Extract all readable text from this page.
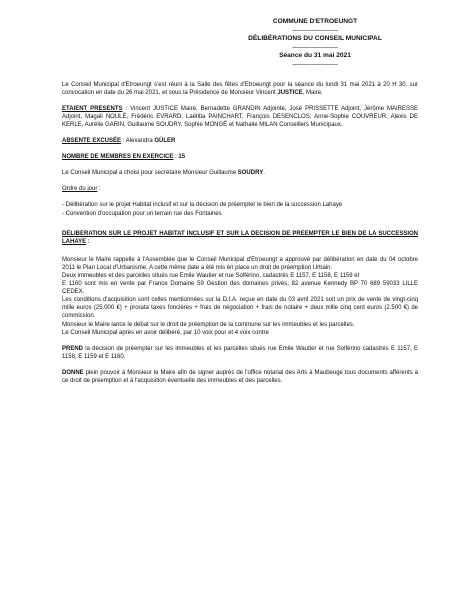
COMMUNE D'ETROEUNGT
------------------------
DÉLIBÉRATIONS DU CONSEIL MUNICIPAL
------------------------
Séance du 31 mai 2021
------------------------

Le Conseil Municipal d'Etroeungt s'est réuni à la Salle des fêtes d'Etroeungt pour la séance du lundi 31 mai 2021 à 20 H 30, sur convocation en date du 26 mai 2021, et sous la Présidence de Monsieur Vincent JUSTICE, Maire.

ETAIENT PRESENTS : Vincent JUSTICE Maire, Bernadette GRANDIN Adjointe, José PRISSETTE Adjoint, Jérôme MAIRESSE Adjoint, Magali NOULÉ, Frédéric EVRARD, Laëtitia PAINCHART, François DESENCLOS, Anne-Sophie COUVREUR, Alexis DE KERLE, Aurélie GARIN, Guillaume SOUDRY, Sophie MONGÉ et Nathalie MILAN Conseillers Municipaux.

ABSENTE EXCUSÉE : Alexandra GÜLER

NOMBRE DE MEMBRES EN EXERCICE : 15

Le Conseil Municipal a choisi pour secrétaire Monsieur Guillaume SOUDRY.

Ordre du jour :

- Délibération sur le projet Habitat inclusif et sur la décision de préempter le bien de la succession Lahaye
- Convention d'occupation pour un terrain rue des Fontaines

DELIBERATION SUR LE PROJET HABITAT INCLUSIF ET SUR LA DECISION DE PREEMPTER LE BIEN DE LA SUCCESSION LAHAYE :

Monsieur le Maire rappelle à l'Assemblée que le Conseil Municipal d'Etroeungt a approuvé par délibération en date du 04 octobre 2011 le Plan Local d'Urbanisme. A cette même date a été mis en place un droit de préemption Urbain.

Deux immeubles et des parcelles situés rue Emile Wautier et rue Solférino, cadastrés E 1157, E 1158, E 1159 et

E 1160 sont mis en vente par France Domaine 59 Gestion des domaines privés, 82 avenue Kennedy BP 70 689 59033 LILLE CEDEX.

Les conditions d'acquisition sont celles mentionnées sur la D.I.A. reçue en date du 03 avril 2021 soit un prix de vente de vingt-cinq mille euros (25.000 €) + prorata taxes foncières + frais de négociation + frais de notaire + deux mille cinq cent euros (2.500 €) de commission.

Monsieur le Maire lance le débat sur le droit de préemption de la commune sur les immeubles et les parcelles.

Le Conseil Municipal après en avoir délibéré, par 10 voix pour et 4 voix contre

PREND la décision de préempter sur les immeubles et les parcelles situés rue Emile Wautier et rue Solférino cadastrés E 1157, E 1158, E 1159 et E 1160.

DONNE plein pouvoir à Monsieur le Maire afin de signer auprès de l'office notarial des Arts à Maubeuge tous documents afférents à ce droit de préemption et à l'acquisition éventuelle des immeubles et des parcelles.
